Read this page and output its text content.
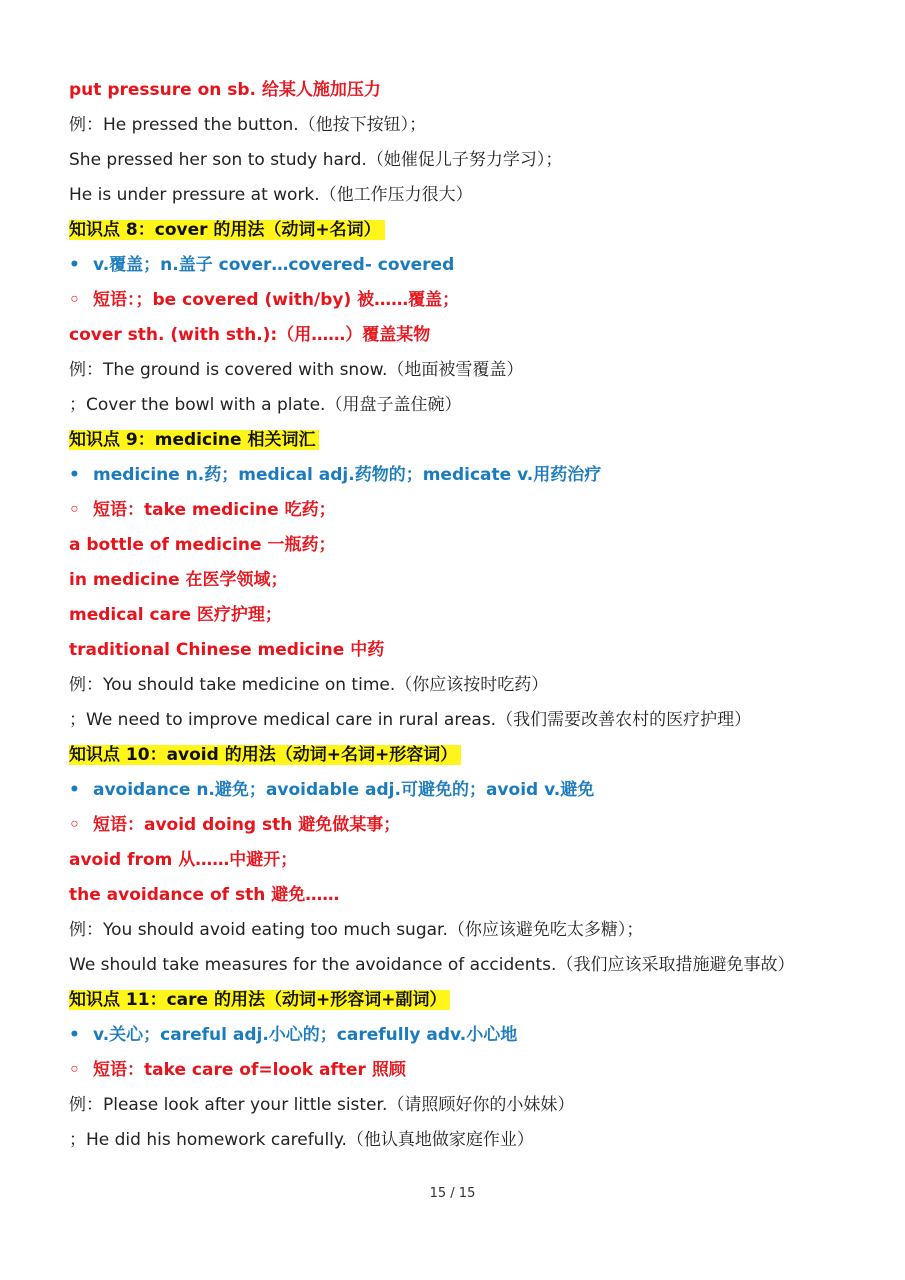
put pressure on sb. 给某人施加压力
例：He pressed the button.（他按下按钮）；
She pressed her son to study hard.（她催促儿子努力学习）；
He is under pressure at work.（他工作压力很大）
知识点 8：cover 的用法（动词+名词）
• v.覆盖；n.盖子 cover…covered- covered
◦ 短语：；be covered (with/by) 被……覆盖；
cover sth. (with sth.):（用……）覆盖某物
例：The ground is covered with snow.（地面被雪覆盖）
；Cover the bowl with a plate.（用盘子盖住碗）
知识点 9：medicine 相关词汇
• medicine n.药；medical adj.药物的；medicate v.用药治疗
◦ 短语：take medicine 吃药；
a bottle of medicine 一瓶药；
in medicine 在医学领域；
medical care 医疗护理；
traditional Chinese medicine 中药
例：You should take medicine on time.（你应该按时吃药）
；We need to improve medical care in rural areas.（我们需要改善农村的医疗护理）
知识点 10：avoid 的用法（动词+名词+形容词）
• avoidance n.避免；avoidable adj.可避免的；avoid v.避免
◦ 短语：avoid doing sth 避免做某事；
avoid from 从……中避开；
the avoidance of sth 避免……
例：You should avoid eating too much sugar.（你应该避免吃太多糖）；
We should take measures for the avoidance of accidents.（我们应该采取措施避免事故）
知识点 11：care 的用法（动词+形容词+副词）
• v.关心；careful adj.小心的；carefully adv.小心地
◦ 短语：take care of=look after 照顾
例：Please look after your little sister.（请照顾好你的小妹妹）
；He did his homework carefully.（他认真地做家庭作业）
15 / 15
